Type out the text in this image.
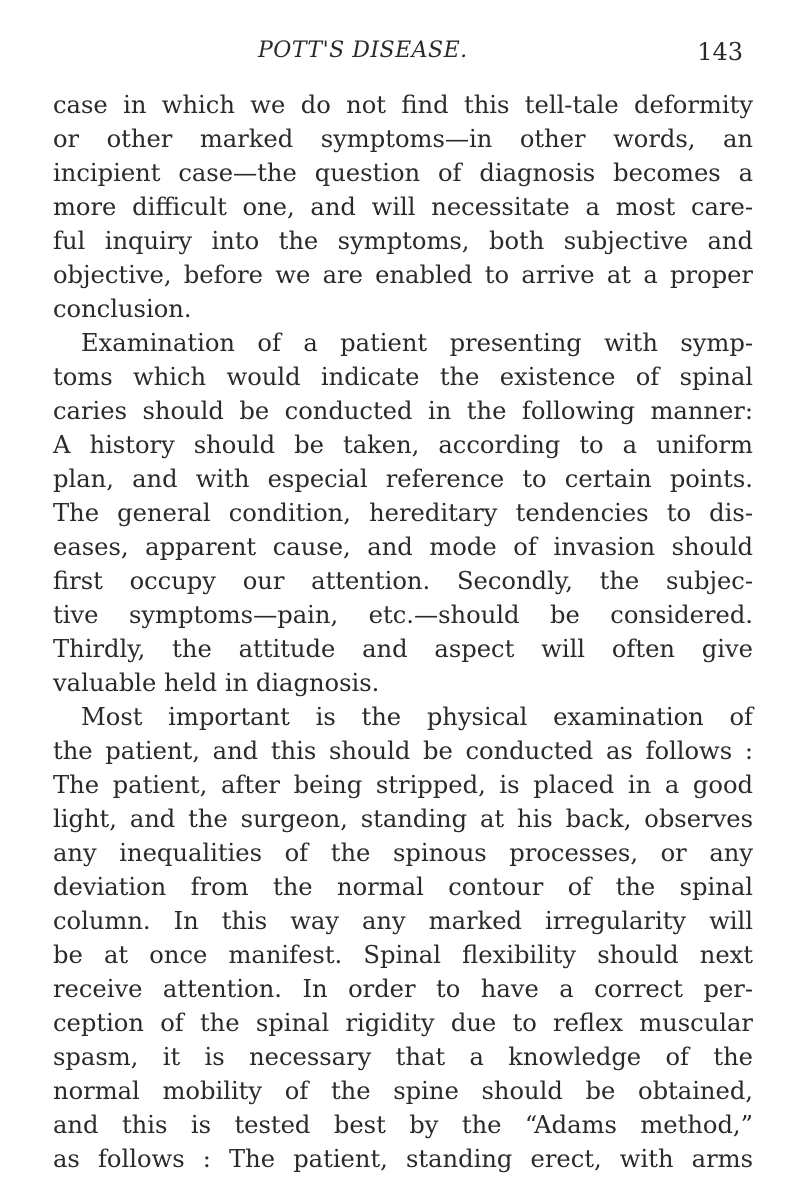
POTT'S DISEASE.	143
case in which we do not find this tell-tale deformity
or other marked symptoms—in other words, an
incipient case—the question of diagnosis becomes a
more difficult one, and will necessitate a most care-
ful inquiry into the symptoms, both subjective and
objective, before we are enabled to arrive at a proper
conclusion.
Examination of a patient presenting with symp-
toms which would indicate the existence of spinal
caries should be conducted in the following manner:
A history should be taken, according to a uniform
plan, and with especial reference to certain points.
The general condition, hereditary tendencies to dis-
eases, apparent cause, and mode of invasion should
first occupy our attention. Secondly, the subjec-
tive symptoms—pain, etc.—should be considered.
Thirdly, the attitude and aspect will often give
valuable held in diagnosis.
Most important is the physical examination of
the patient, and this should be conducted as follows :
The patient, after being stripped, is placed in a good
light, and the surgeon, standing at his back, observes
any inequalities of the spinous processes, or any
deviation from the normal contour of the spinal
column. In this way any marked irregularity will
be at once manifest. Spinal flexibility should next
receive attention. In order to have a correct per-
ception of the spinal rigidity due to reflex muscular
spasm, it is necessary that a knowledge of the
normal mobility of the spine should be obtained,
and this is tested best by the “Adams method,”
as follows : The patient, standing erect, with arms
